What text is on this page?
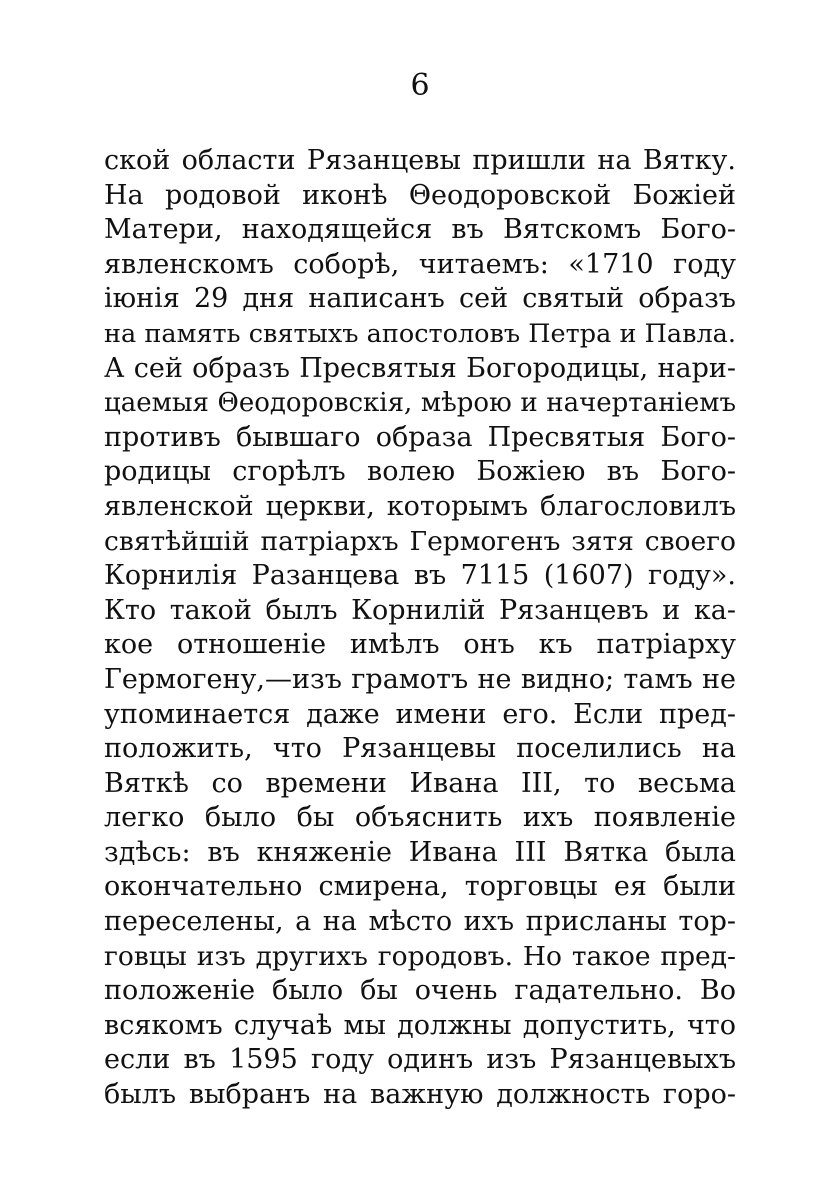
6
ской области Рязанцевы пришли на Вятку.
На родовой иконѣ Θеодоровской Божіей
Матери, находящейся въ Вятскомъ Бого-
явленскомъ соборѣ, читаемъ: «1710 году
іюнія 29 дня написанъ сей святый образъ
на память святыхъ апостоловъ Петра и Павла.
А сей образъ Пресвятыя Богородицы, нари-
цаемыя Θеодоровскія, мѣрою и начертаніемъ
противъ бывшаго образа Пресвятыя Бого-
родицы сгорѣлъ волею Божіею въ Бого-
явленской церкви, которымъ благословилъ
святѣйшій патріархъ Гермогенъ зятя своего
Корнилія Разанцева въ 7115 (1607) году».
Кто такой былъ Корнилій Рязанцевъ и ка-
кое отношеніе имѣлъ онъ къ патріарху
Гермогену,—изъ грамотъ не видно; тамъ не
упоминается даже имени его. Если пред-
положить, что Рязанцевы поселились на
Вяткѣ со времени Ивана III, то весьма
легко было бы объяснить ихъ появленіе
здѣсь: въ княженіе Ивана III Вятка была
окончательно смирена, торговцы ея были
переселены, а на мѣсто ихъ присланы тор-
говцы изъ другихъ городовъ. Но такое пред-
положеніе было бы очень гадательно. Во
всякомъ случаѣ мы должны допустить, что
если въ 1595 году одинъ изъ Рязанцевыхъ
былъ выбранъ на важную должность горо-
